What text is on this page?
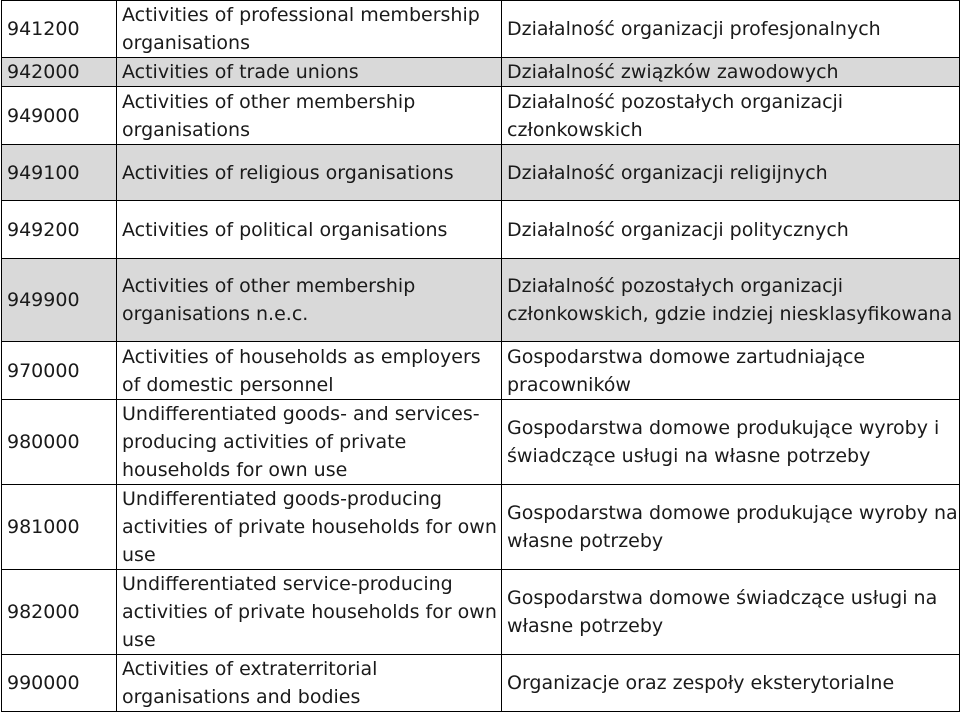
941200	Activities of professional membership organisations	Działalność organizacji profesjonalnych
942000	Activities of trade unions	Działalność związków zawodowych
949000	Activities of other membership organisations	Działalność pozostałych organizacji członkowskich
949100	Activities of religious organisations	Działalność organizacji religijnych
949200	Activities of political organisations	Działalność organizacji politycznych
949900	Activities of other membership organisations n.e.c.	Działalność pozostałych organizacji członkowskich, gdzie indziej niesklasyfikowana
970000	Activities of households as employers of domestic personnel	Gospodarstwa domowe zartudniające pracowników
980000	Undifferentiated goods- and services-producing activities of private households for own use	Gospodarstwa domowe produkujące wyroby i świadczące usługi na własne potrzeby
981000	Undifferentiated goods-producing activities of private households for own use	Gospodarstwa domowe produkujące wyroby na własne potrzeby
982000	Undifferentiated service-producing activities of private households for own use	Gospodarstwa domowe świadczące usługi na własne potrzeby
990000	Activities of extraterritorial organisations and bodies	Organizacje oraz zespoły eksterytorialne
